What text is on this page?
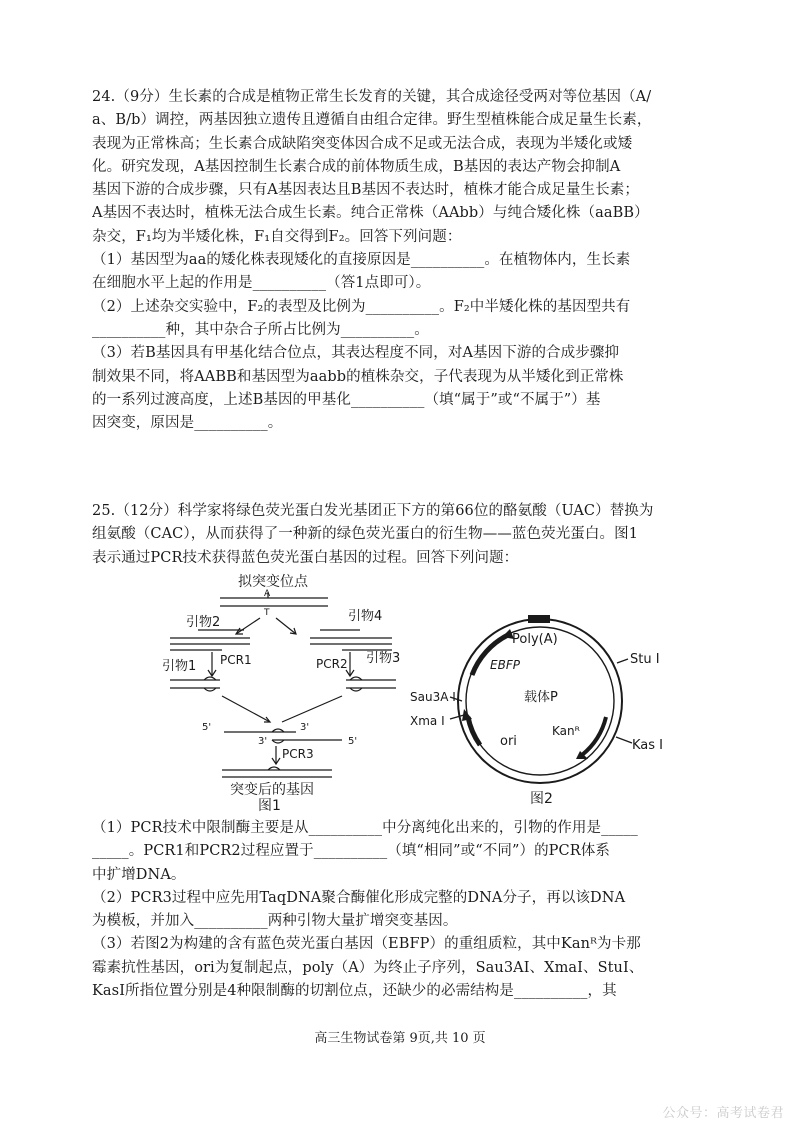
24.（9分）生长素的合成是植物正常生长发育的关键，其合成途径受两对等位基因（A/
a、B/b）调控，两基因独立遗传且遵循自由组合定律。野生型植株能合成足量生长素，
表现为正常株高；生长素合成缺陷突变体因合成不足或无法合成，表现为半矮化或矮
化。研究发现，A基因控制生长素合成的前体物质生成，B基因的表达产物会抑制A
基因下游的合成步骤，只有A基因表达且B基因不表达时，植株才能合成足量生长素；
A基因不表达时，植株无法合成生长素。纯合正常株（AAbb）与纯合矮化株（aaBB）
杂交，F₁均为半矮化株，F₁自交得到F₂。回答下列问题：
（1）基因型为aa的矮化株表现矮化的直接原因是__________。在植物体内，生长素
在细胞水平上起的作用是__________（答1点即可）。
（2）上述杂交实验中，F₂的表型及比例为__________。F₂中半矮化株的基因型共有
__________种，其中杂合子所占比例为__________。
（3）若B基因具有甲基化结合位点，其表达程度不同，对A基因下游的合成步骤抑
制效果不同，将AABB和基因型为aabb的植株杂交，子代表现为从半矮化到正常株
的一系列过渡高度，上述B基因的甲基化__________（填“属于”或“不属于”）基
因突变，原因是__________。
25.（12分）科学家将绿色荧光蛋白发光基团正下方的第66位的酪氨酸（UAC）替换为
组氨酸（CAC），从而获得了一种新的绿色荧光蛋白的衍生物——蓝色荧光蛋白。图1
表示通过PCR技术获得蓝色荧光蛋白基因的过程。回答下列问题：
拟突变位点
A
T
引物2	引物4
引物1
引物3
PCR1	PCR2
5'
3'
3'
5'
PCR3
突变后的基因
图1
Poly(A)
Stu Ⅰ
Sau3A Ⅰ
Xma Ⅰ
EBFP
载体P
Kanᴿ
Kas Ⅰ
ori
图2
（1）PCR技术中限制酶主要是从__________中分离纯化出来的，引物的作用是_____
_____。PCR1和PCR2过程应置于__________（填“相同”或“不同”）的PCR体系
中扩增DNA。
（2）PCR3过程中应先用TaqDNA聚合酶催化形成完整的DNA分子，再以该DNA
为模板，并加入__________两种引物大量扩增突变基因。
（3）若图2为构建的含有蓝色荧光蛋白基因（EBFP）的重组质粒，其中Kanᴿ为卡那
霉素抗性基因，ori为复制起点，poly（A）为终止子序列，Sau3AⅠ、XmaⅠ、StuⅠ、
KasⅠ所指位置分别是4种限制酶的切割位点，还缺少的必需结构是__________，其
高三生物试卷第 9页,共 10 页
公众号：高考试卷君
